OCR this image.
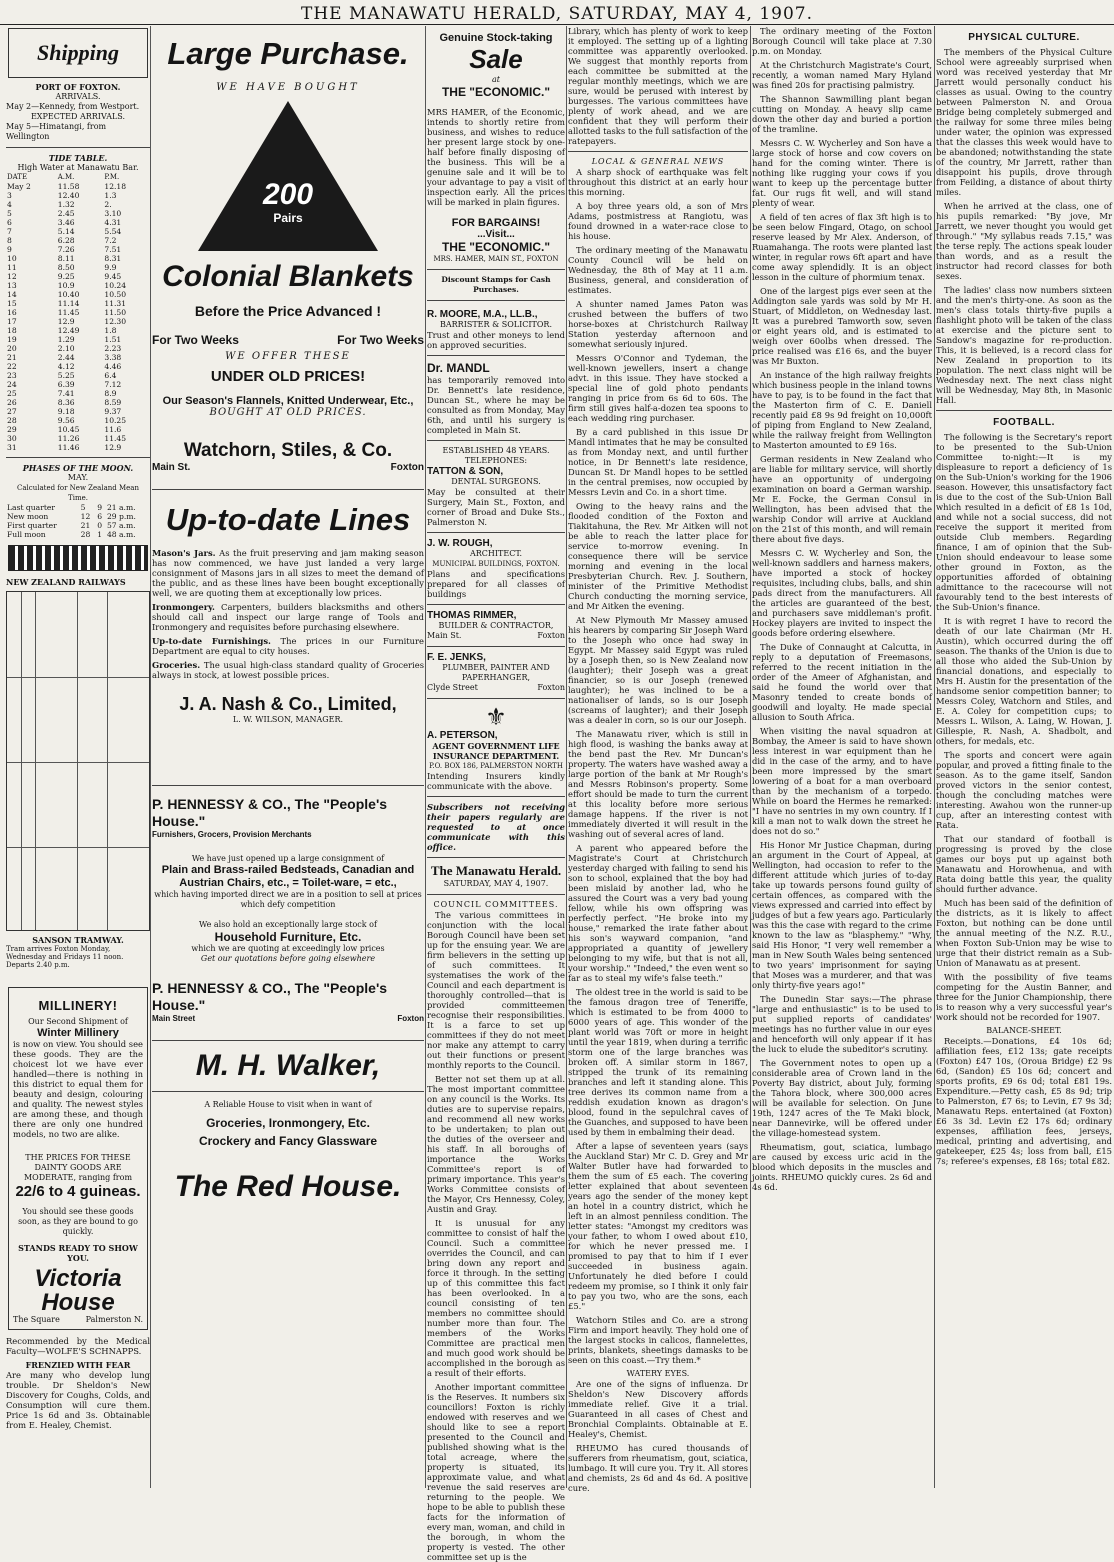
THE MANAWATU HERALD, SATURDAY, MAY 4, 1907.
Shipping
PORT OF FOXTON.
ARRIVALS.
May 2—Kennedy, from Westport.
EXPECTED ARRIVALS.
May 5—Himatangi, from Wellington
TIDE TABLE.
High Water at Manawatu Bar.
DATE	A.M.	P.M.
May 2	11.58	12.18
3	12.40	1.3
4	1.32	2.
5	2.45	3.10
6	3.46	4.31
7	5.14	5.54
8	6.28	7.2
9	7.26	7.51
10	8.11	8.31
11	8.50	9.9
12	9.25	9.45
13	10.9	10.24
14	10.40	10.50
15	11.14	11.31
16	11.45	11.50
17	12.9	12.30
18	12.49	1.8
19	1.29	1.51
20	2.10	2.23
21	2.44	3.38
22	4.12	4.46
23	5.25	6.4
24	6.39	7.12
25	7.41	8.9
26	8.36	8.59
27	9.18	9.37
28	9.56	10.25
29	10.45	11.6
30	11.26	11.45
31	11.46	12.9
PHASES OF THE MOON.
MAY.
Calculated for New Zealand Mean Time.
Last quarter	5	9	21 a.m.
New moon	12	6	29 p.m.
First quarter	21	0	57 a.m.
Full moon	28	1	48 a.m.
NEW ZEALAND RAILWAYS
SANSON TRAMWAY.
Tram arrives Foxton Monday, Wednesday and Fridays 11 noon. Departs 2.40 p.m.
MILLINERY!
Our Second Shipment of
Winter Millinery
is now on view. You should see these goods. They are the choicest lot we have ever handled—there is nothing in this district to equal them for beauty and design, colouring and quality. The newest styles are among these, and though there are only one hundred models, no two are alike.
THE PRICES FOR THESE DAINTY GOODS ARE MODERATE, ranging from
22/6 to 4 guineas.
You should see these goods soon, as they are bound to go quickly.
STANDS READY TO SHOW YOU.
Victoria House
The Square	Palmerston N.
Recommended by the Medical Faculty—WOLFE'S SCHNAPPS.
FRENZIED WITH FEAR
Are many who develop lung trouble. Dr Sheldon's New Discovery for Coughs, Colds, and Consumption will cure them. Price 1s 6d and 3s. Obtainable from E. Healey, Chemist.
Large Purchase.
WE HAVE BOUGHT
200
Pairs
Colonial Blankets
Before the Price Advanced !
For Two Weeks	For Two Weeks
WE OFFER THESE
UNDER OLD PRICES!
Our Season's Flannels, Knitted Underwear, Etc.,
BOUGHT AT OLD PRICES.
Watchorn, Stiles, & Co.
Main St.	Foxton
Up-to-date Lines
Mason's Jars. As the fruit preserving and jam making season has now commenced, we have just landed a very large consignment of Masons jars in all sizes to meet the demand of the public, and as these lines have been bought exceptionally well, we are quoting them at exceptionally low prices.
Ironmongery. Carpenters, builders blacksmiths and others should call and inspect our large range of Tools and Ironmongery and requisites before purchasing elsewhere.
Up-to-date Furnishings. The prices in our Furniture Department are equal to city houses.
Groceries. The usual high-class standard quality of Groceries always in stock, at lowest possible prices.
J. A. Nash & Co., Limited,
L. W. WILSON, MANAGER.
P. HENNESSY & CO., The "People's House."
Furnishers, Grocers, Provision Merchants
We have just opened up a large consignment of
Plain and Brass-railed Bedsteads, Canadian and Austrian Chairs, etc., = Toilet-ware, = etc.,
which having imported direct we are in a position to sell at prices which defy competition
We also hold an exceptionally large stock of
Household Furniture, Etc.
which we are quoting at exceedingly low prices
Get our quotations before going elsewhere
P. HENNESSY & CO., The "People's House."
Main Street	Foxton
M. H. Walker,
A Reliable House to visit when in want of
Groceries, Ironmongery, Etc.
Crockery and Fancy Glassware
The Red House.
Genuine Stock-taking
Sale
at
THE "ECONOMIC."
MRS HAMER, of the Economic, intends to shortly retire from business, and wishes to reduce her present large stock by one-half before finally disposing of the business. This will be a genuine sale and it will be to your advantage to pay a visit of inspection early. All the prices will be marked in plain figures.
FOR BARGAINS!
...Visit...
THE "ECONOMIC."
MRS. HAMER, MAIN ST., FOXTON
Discount Stamps for Cash Purchases.
R. MOORE, M.A., LL.B.,
BARRISTER & SOLICITOR.
Trust and other moneys to lend on approved securities.
Dr. MANDL
has temporarily removed into Dr. Bennett's late residence, Duncan St., where he may be consulted as from Monday, May 6th, and until his surgery is completed in Main St.
ESTABLISHED 48 YEARS.
TELEPHONES:
TATTON & SON,
DENTAL SURGEONS.
May be consulted at their Surgery, Main St., Foxton, and corner of Broad and Duke Sts., Palmerston N.
J. W. ROUGH,
ARCHITECT.
MUNICIPAL BUILDINGS, FOXTON.
Plans and specifications prepared for all classes of buildings
THOMAS RIMMER,
BUILDER & CONTRACTOR,
Main St.	Foxton
F. E. JENKS,
PLUMBER, PAINTER AND PAPERHANGER,
Clyde Street	Foxton
⚜
A. PETERSON,
AGENT GOVERNMENT LIFE INSURANCE DEPARTMENT.
P.O. BOX 186, PALMERSTON NORTH
Intending Insurers kindly communicate with the above.
Subscribers not receiving their papers regularly are requested to at once communicate with this office.
The Manawatu Herald.
SATURDAY, MAY 4, 1907.
COUNCIL COMMITTEES.
The various committees in conjunction with the local Borough Council have been set up for the ensuing year. We are firm believers in the setting up of such committees. It systematises the work of the Council and each department is thoroughly controlled—that is provided committeemen recognise their responsibilities. It is a farce to set up committees if they do not meet nor make any attempt to carry out their functions or present monthly reports to the Council.
Better not set them up at all. The most important committee on any council is the Works. Its duties are to supervise repairs, and recommend all new works to be undertaken; to plan out the duties of the overseer and his staff. In all boroughs of importance the Works Committee's report is of primary importance. This year's Works Committee consists of the Mayor, Crs Hennessy, Coley, Austin and Gray.
It is unusual for any committee to consist of half the Council. Such a committee overrides the Council, and can bring down any report and force it through. In the setting up of this committee this fact has been overlooked. In a council consisting of ten members no committee should number more than four. The members of the Works Committee are practical men and much good work should be accomplished in the borough as a result of their efforts.
Another important committee is the Reserves. It numbers six councillors! Foxton is richly endowed with reserves and we should like to see a report presented to the Council and published showing what is the total acreage, where the property is situated, its approximate value, and what revenue the said reserves are returning to the people. We hope to be able to publish these facts for the information of every man, woman, and child in the borough, in whom the property is vested. The other committee set up is the
Library, which has plenty of work to keep it employed. The setting up of a lighting committee was apparently overlooked. We suggest that monthly reports from each committee be submitted at the regular monthly meetings, which we are sure, would be perused with interest by burgesses. The various committees have plenty of work ahead, and we are confident that they will perform their allotted tasks to the full satisfaction of the ratepayers.
LOCAL & GENERAL NEWS
A sharp shock of earthquake was felt throughout this district at an early hour this morning.
A boy three years old, a son of Mrs Adams, postmistress at Rangiotu, was found drowned in a water-race close to his house.
The ordinary meeting of the Manawatu County Council will be held on Wednesday, the 8th of May at 11 a.m. Business, general, and consideration of estimates.
A shunter named James Paton was crushed between the buffers of two horse-boxes at Christchurch Railway Station yesterday afternoon and somewhat seriously injured.
Messrs O'Connor and Tydeman, the well-known jewellers, insert a change advt. in this issue. They have stocked a special line of gold photo pendants ranging in price from 6s 6d to 60s. The firm still gives half-a-dozen tea spoons to each wedding ring purchaser.
By a card published in this issue Dr Mandl intimates that he may be consulted as from Monday next, and until further notice, in Dr Bennett's late residence, Duncan St. Dr Mandl hopes to be settled in the central premises, now occupied by Messrs Levin and Co. in a short time.
Owing to the heavy rains and the flooded condition of the Foxton and Tiakitahuna, the Rev. Mr Aitken will not be able to reach the latter place for service to-morrow evening. In consequence there will be service morning and evening in the local Presbyterian Church. Rev. J. Southern, minister of the Primitive Methodist Church conducting the morning service, and Mr Aitken the evening.
At New Plymouth Mr Massey amused his hearers by comparing Sir Joseph Ward to the Joseph who once had sway in Egypt. Mr Massey said Egypt was ruled by a Joseph then, so is New Zealand now (laughter); their Joseph was a great financier, so is our Joseph (renewed laughter); he was inclined to be a nationaliser of lands, so is our Joseph (screams of laughter); and their Joseph was a dealer in corn, so is our our Joseph.
The Manawatu river, which is still in high flood, is washing the banks away at the bend past the Rev. Mr Duncan's property. The waters have washed away a large portion of the bank at Mr Rough's and Messrs Robinson's property. Some effort should be made to turn the current at this locality before more serious damage happens. If the river is not immediately diverted it will result in the washing out of several acres of land.
A parent who appeared before the Magistrate's Court at Christchurch yesterday charged with failing to send his son to school, explained that the boy had been mislaid by another lad, who he assured the Court was a very bad young fellow, while his own offspring was perfectly perfect. "He broke into my house," remarked the irate father about his son's wayward companion, "and appropriated a quantity of jewellery belonging to my wife, but that is not all, your worship." "Indeed," the even went so far as to steal my wife's false teeth."
The oldest tree in the world is said to be the famous dragon tree of Teneriffe, which is estimated to be from 4000 to 6000 years of age. This wonder of the plant world was 70ft or more in height until the year 1819, when during a terrific storm one of the large branches was broken off. A similar storm in 1867, stripped the trunk of its remaining branches and left it standing alone. This tree derives its common name from a reddish exudation known as dragon's blood, found in the sepulchral caves of the Guanches, and supposed to have been used by them in embalming their dead.
After a lapse of seventeen years (says the Auckland Star) Mr C. D. Grey and Mr Walter Butler have had forwarded to them the sum of £5 each. The covering letter explained that about seventeen years ago the sender of the money kept an hotel in a country district, which he left in an almost penniless condition. The letter states: "Amongst my creditors was your father, to whom I owed about £10, for which he never pressed me. I promised to pay that to him if I ever succeeded in business again. Unfortunately he died before I could redeem my promise, so I think it only fair to pay you two, who are the sons, each £5."
Watchorn Stiles and Co. are a strong Firm and import heavily. They hold one of the largest stocks in calicos, flannelettes, prints, blankets, sheetings damasks to be seen on this coast.—Try them.*
WATERY EYES.
Are one of the signs of influenza. Dr Sheldon's New Discovery affords immediate relief. Give it a trial. Guaranteed in all cases of Chest and Bronchial Complaints. Obtainable at E. Healey's, Chemist.
RHEUMO has cured thousands of sufferers from rheumatism, gout, sciatica, lumbago. It will cure you. Try it. All stores and chemists, 2s 6d and 4s 6d. A positive cure.
The ordinary meeting of the Foxton Borough Council will take place at 7.30 p.m. on Monday.
At the Christchurch Magistrate's Court, recently, a woman named Mary Hyland was fined 20s for practising palmistry.
The Shannon Sawmilling plant began cutting on Monday. A heavy slip came down the other day and buried a portion of the tramline.
Messrs C. W. Wycherley and Son have a large stock of horse and cow covers on hand for the coming winter. There is nothing like rugging your cows if you want to keep up the percentage butter fat. Our rugs fit well, and will stand plenty of wear.
A field of ten acres of flax 3ft high is to be seen below Fingard, Otago, on school reserve leased by Mr Alex. Anderson, of Ruamahanga. The roots were planted last winter, in regular rows 6ft apart and have come away splendidly. It is an object lesson in the culture of phormium tenax.
One of the largest pigs ever seen at the Addington sale yards was sold by Mr H. Stuart, of Middleton, on Wednesday last. It was a purebred Tamworth sow, seven or eight years old, and is estimated to weigh over 60olbs when dressed. The price realised was £16 6s, and the buyer was Mr Buxton.
An instance of the high railway freights which business people in the inland towns have to pay, is to be found in the fact that the Masterton firm of C. E. Daniell recently paid £8 9s 9d freight on 10,000ft of piping from England to New Zealand, while the railway freight from Wellington to Masterton amounted to £9 16s.
German residents in New Zealand who are liable for military service, will shortly have an opportunity of undergoing examination on board a German warship. Mr E. Focke, the German Consul in Wellington, has been advised that the warship Condor will arrive at Auckland on the 21st of this month, and will remain there about five days.
Messrs C. W. Wycherley and Son, the well-known saddlers and harness makers, have imported a stock of hockey requisites, including clubs, balls, and shin pads direct from the manufacturers. All the articles are guaranteed of the best, and purchasers save middleman's profit. Hockey players are invited to inspect the goods before ordering elsewhere.
The Duke of Connaught at Calcutta, in reply to a deputation of Freemasons, referred to the recent initiation in the order of the Ameer of Afghanistan, and said he found the world over that Masonry tended to create bonds of goodwill and loyalty. He made special allusion to South Africa.
When visiting the naval squadron at Bombay, the Ameer is said to have shown less interest in war equipment than he did in the case of the army, and to have been more impressed by the smart lowering of a boat for a man overboard than by the mechanism of a torpedo. While on board the Hermes he remarked: "I have no sentries in my own country. If I kill a man not to walk down the street he does not do so."
His Honor Mr Justice Chapman, during an argument in the Court of Appeal, at Wellington, had occasion to refer to the different attitude which juries of to-day take up towards persons found guilty of certain offences, as compared with the views expressed and carried into effect by judges of but a few years ago. Particularly was this the case with regard to the crime known to the law as "blasphemy." "Why, said His Honor, "I very well remember a man in New South Wales being sentenced to two years' imprisonment for saying that Moses was a murderer, and that was only thirty-five years ago!"
The Dunedin Star says:—The phrase "large and enthusiastic" is to be used to put supplied reports of candidates' meetings has no further value in our eyes and henceforth will only appear if it has the luck to elude the subeditor's scrutiny.
The Government notes to open up a considerable area of Crown land in the Poverty Bay district, about July, forming the Tahora block, where 300,000 acres will be available for selection. On June 19th, 1247 acres of the Te Maki block, near Dannevirke, will be offered under the village-homestead system.
Rheumatism, gout, sciatica, lumbago are caused by excess uric acid in the blood which deposits in the muscles and joints. RHEUMO quickly cures. 2s 6d and 4s 6d.
PHYSICAL CULTURE.
The members of the Physical Culture School were agreeably surprised when word was received yesterday that Mr Jarrett would personally conduct his classes as usual. Owing to the country between Palmerston N. and Oroua Bridge being completely submerged and the railway for some three miles being under water, the opinion was expressed that the classes this week would have to be abandoned; notwithstanding the state of the country, Mr Jarrett, rather than disappoint his pupils, drove through from Feilding, a distance of about thirty miles.
When he arrived at the class, one of his pupils remarked: "By jove, Mr Jarrett, we never thought you would get through." "My syllabus reads 7.15," was the terse reply. The actions speak louder than words, and as a result the instructor had record classes for both sexes.
The ladies' class now numbers sixteen and the men's thirty-one. As soon as the men's class totals thirty-five pupils a flashlight photo will be taken of the class at exercise and the picture sent to Sandow's magazine for re-production. This, it is believed, is a record class for New Zealand in proportion to its population. The next class night will be Wednesday next. The next class night will be Wednesday, May 8th, in Masonic Hall.
FOOTBALL.
The following is the Secretary's report to be presented to the Sub-Union Committee to-night:—It is my displeasure to report a deficiency of 1s on the Sub-Union's working for the 1906 season. However, this unsatisfactory fact is due to the cost of the Sub-Union Ball which resulted in a deficit of £8 1s 10d, and while not a social success, did not receive the support it merited from outside Club members. Regarding finance, I am of opinion that the Sub-Union should endeavour to lease some other ground in Foxton, as the opportunities afforded of obtaining admittance to the racecourse will not favourably tend to the best interests of the Sub-Union's finance.
It is with regret I have to record the death of our late Chairman (Mr H. Austin), which occurred during the off season. The thanks of the Union is due to all those who aided the Sub-Union by financial donations, and especially to Mrs H. Austin for the presentation of the handsome senior competition banner; to Messrs Coley, Watchorn and Stiles, and E. A. Coley for competition cups; to Messrs L. Wilson, A. Laing, W. Howan, J. Gillespie, R. Nash, A. Shadbolt, and others, for medals, etc.
The sports and concert were again popular, and proved a fitting finale to the season. As to the game itself, Sandon proved victors in the senior contest, though the concluding matches were interesting. Awahou won the runner-up cup, after an interesting contest with Rata.
That our standard of football is progressing is proved by the close games our boys put up against both Manawatu and Horowhenua, and with Rata doing battle this year, the quality should further advance.
Much has been said of the definition of the districts, as it is likely to affect Foxton, but nothing can be done until the annual meeting of the N.Z. R.U., when Foxton Sub-Union may be wise to urge that their district remain as a Sub-Union of Manawatu as at present.
With the possibility of five teams competing for the Austin Banner, and three for the Junior Championship, there is to reason why a very successful year's work should not be recorded for 1907.
BALANCE-SHEET.
Receipts.—Donations, £4 10s 6d; affiliation fees, £12 13s; gate receipts (Foxton) £47 10s, (Oroua Bridge) £2 9s 6d, (Sandon) £5 10s 6d; concert and sports profits, £9 6s 0d; total £81 19s. Expenditure.—Petty cash, £5 8s 9d; trip to Palmerston, £7 6s; to Levin, £7 9s 3d; Manawatu Reps. entertained (at Foxton) £6 3s 3d. Levin £2 17s 6d; ordinary expenses, affiliation fees, jerseys, medical, printing and advertising, and gatekeeper, £25 4s; loss from ball, £15 7s; referee's expenses, £8 16s; total £82.
